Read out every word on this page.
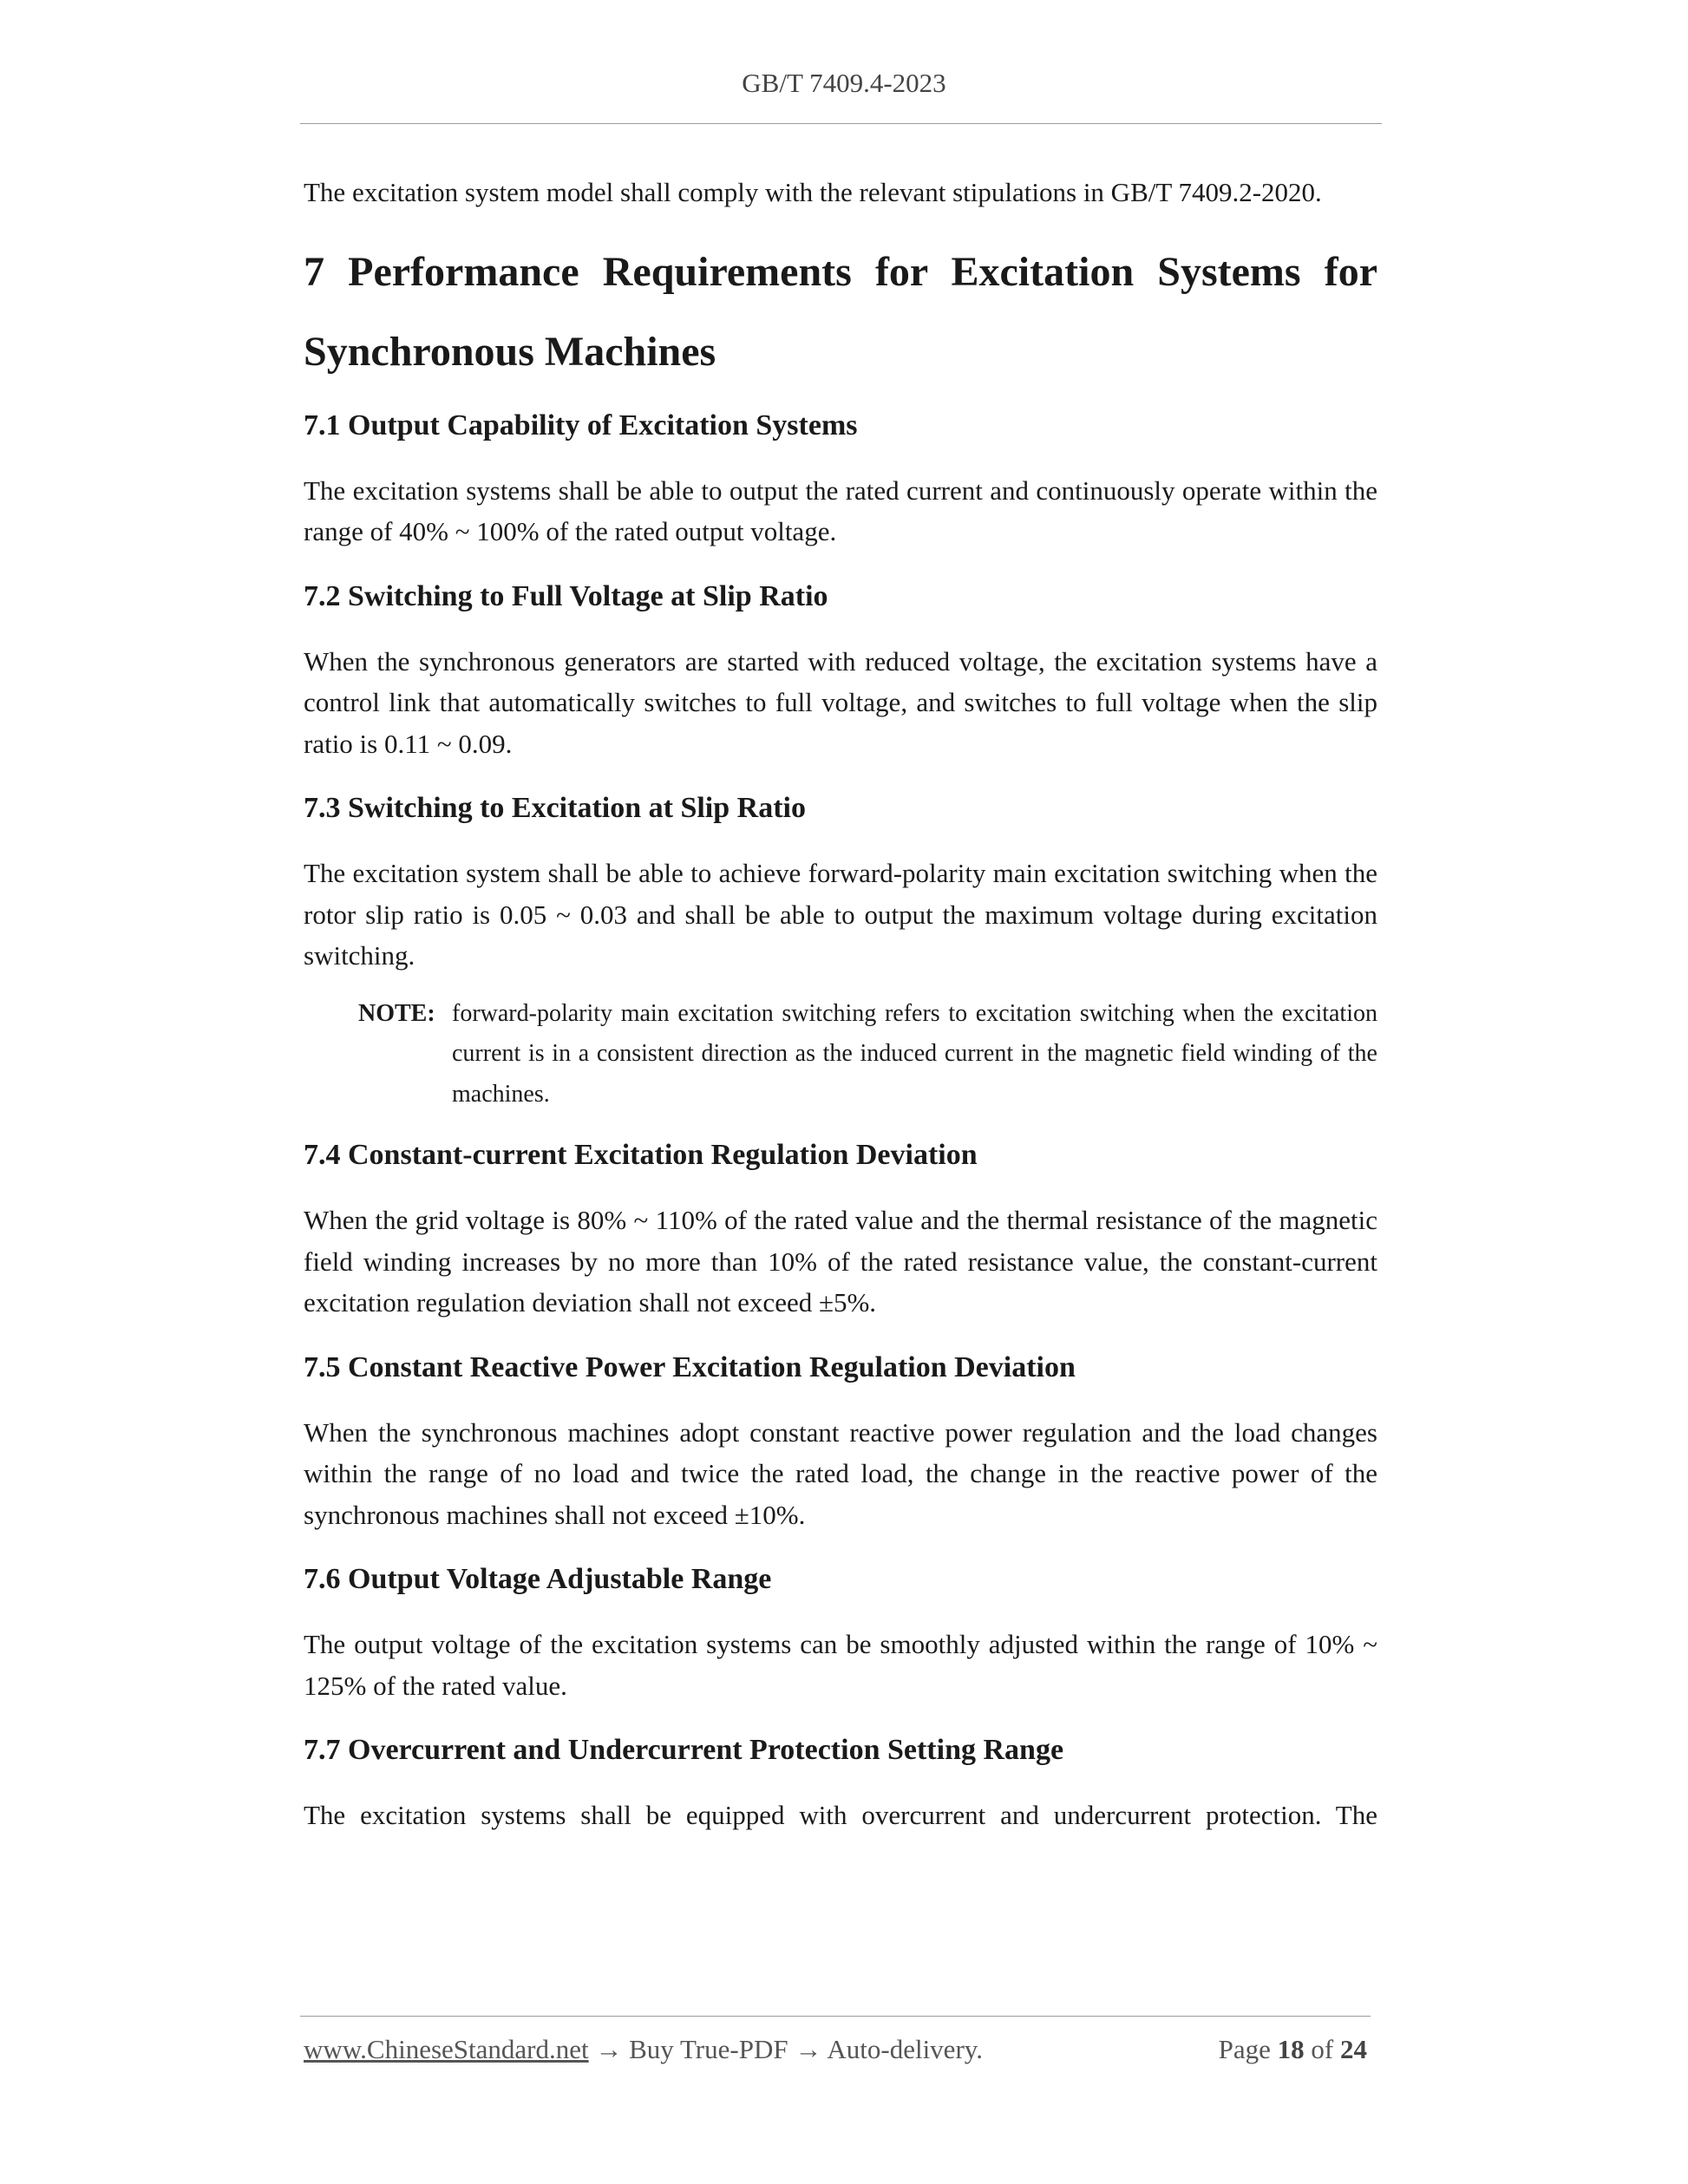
GB/T 7409.4-2023

The excitation system model shall comply with the relevant stipulations in GB/T 7409.2-2020.

7 Performance Requirements for Excitation Systems for Synchronous Machines
7.1 Output Capability of Excitation Systems

The excitation systems shall be able to output the rated current and continuously operate within the range of 40% ~ 100% of the rated output voltage.

7.2 Switching to Full Voltage at Slip Ratio

When the synchronous generators are started with reduced voltage, the excitation systems have a control link that automatically switches to full voltage, and switches to full voltage when the slip ratio is 0.11 ~ 0.09.

7.3 Switching to Excitation at Slip Ratio

The excitation system shall be able to achieve forward-polarity main excitation switching when the rotor slip ratio is 0.05 ~ 0.03 and shall be able to output the maximum voltage during excitation switching.

NOTE: forward-polarity main excitation switching refers to excitation switching when the excitation current is in a consistent direction as the induced current in the magnetic field winding of the machines.

7.4 Constant-current Excitation Regulation Deviation

When the grid voltage is 80% ~ 110% of the rated value and the thermal resistance of the magnetic field winding increases by no more than 10% of the rated resistance value, the constant-current excitation regulation deviation shall not exceed ±5%.

7.5 Constant Reactive Power Excitation Regulation Deviation

When the synchronous machines adopt constant reactive power regulation and the load changes within the range of no load and twice the rated load, the change in the reactive power of the synchronous machines shall not exceed ±10%.

7.6 Output Voltage Adjustable Range

The output voltage of the excitation systems can be smoothly adjusted within the range of 10% ~ 125% of the rated value.

7.7 Overcurrent and Undercurrent Protection Setting Range

The excitation systems shall be equipped with overcurrent and undercurrent protection. The

www.ChineseStandard.net → Buy True-PDF → Auto-delivery.	Page 18 of 24
